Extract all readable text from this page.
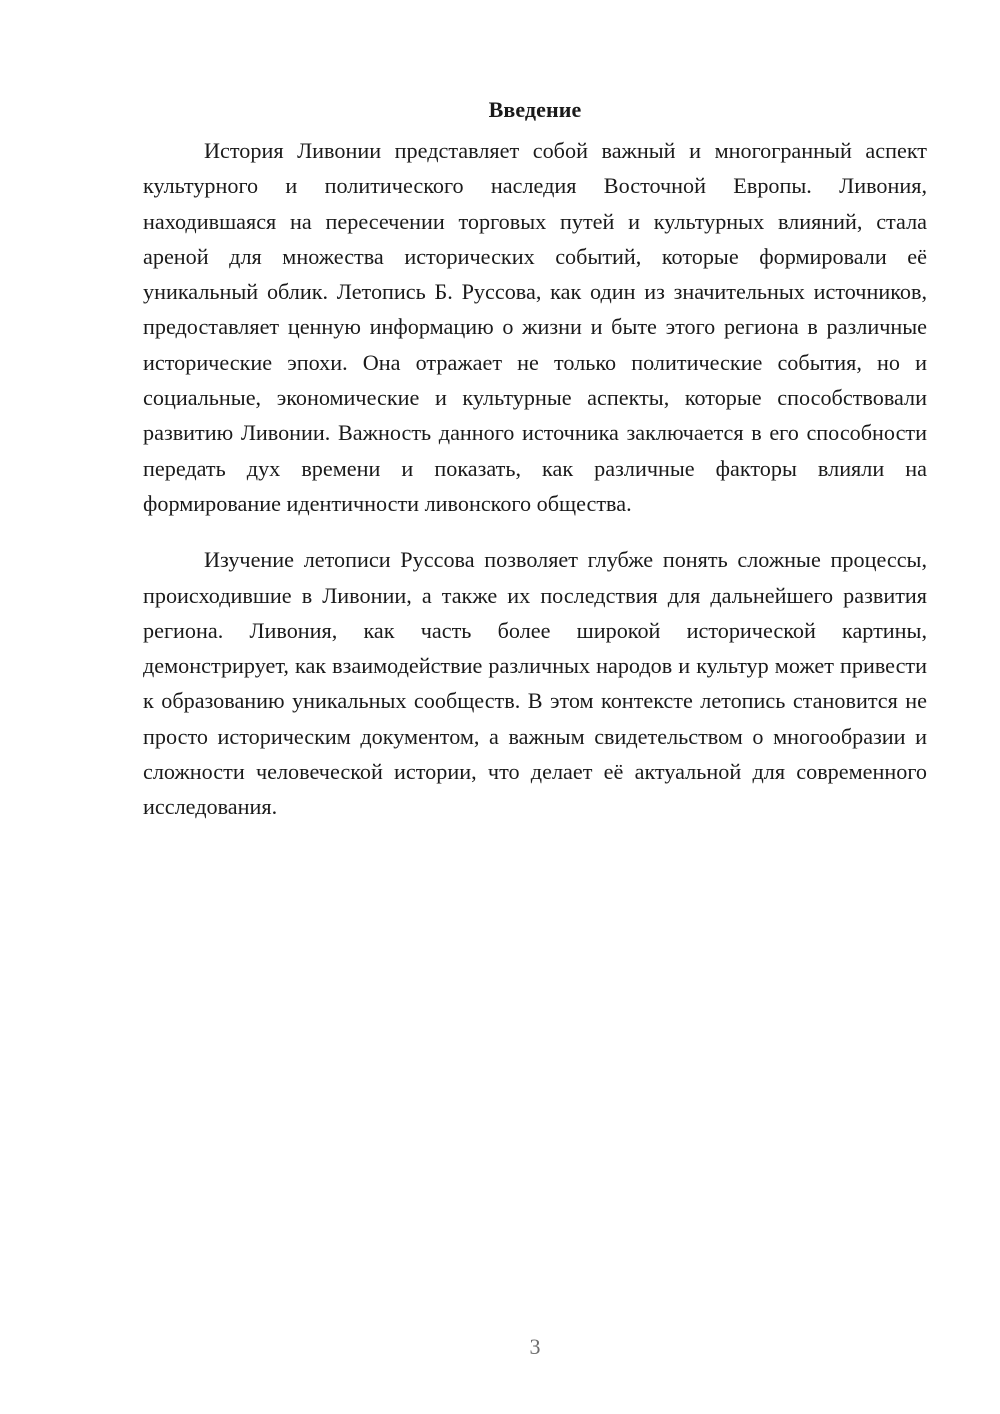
Введение

История Ливонии представляет собой важный и многогранный аспект культурного и политического наследия Восточной Европы. Ливония, находившаяся на пересечении торговых путей и культурных влияний, стала ареной для множества исторических событий, которые формировали её уникальный облик. Летопись Б. Руссова, как один из значительных источников, предоставляет ценную информацию о жизни и быте этого региона в различные исторические эпохи. Она отражает не только политические события, но и социальные, экономические и культурные аспекты, которые способствовали развитию Ливонии. Важность данного источника заключается в его способности передать дух времени и показать, как различные факторы влияли на формирование идентичности ливонского общества.

Изучение летописи Руссова позволяет глубже понять сложные процессы, происходившие в Ливонии, а также их последствия для дальнейшего развития региона. Ливония, как часть более широкой исторической картины, демонстрирует, как взаимодействие различных народов и культур может привести к образованию уникальных сообществ. В этом контексте летопись становится не просто историческим документом, а важным свидетельством о многообразии и сложности человеческой истории, что делает её актуальной для современного исследования.

3
